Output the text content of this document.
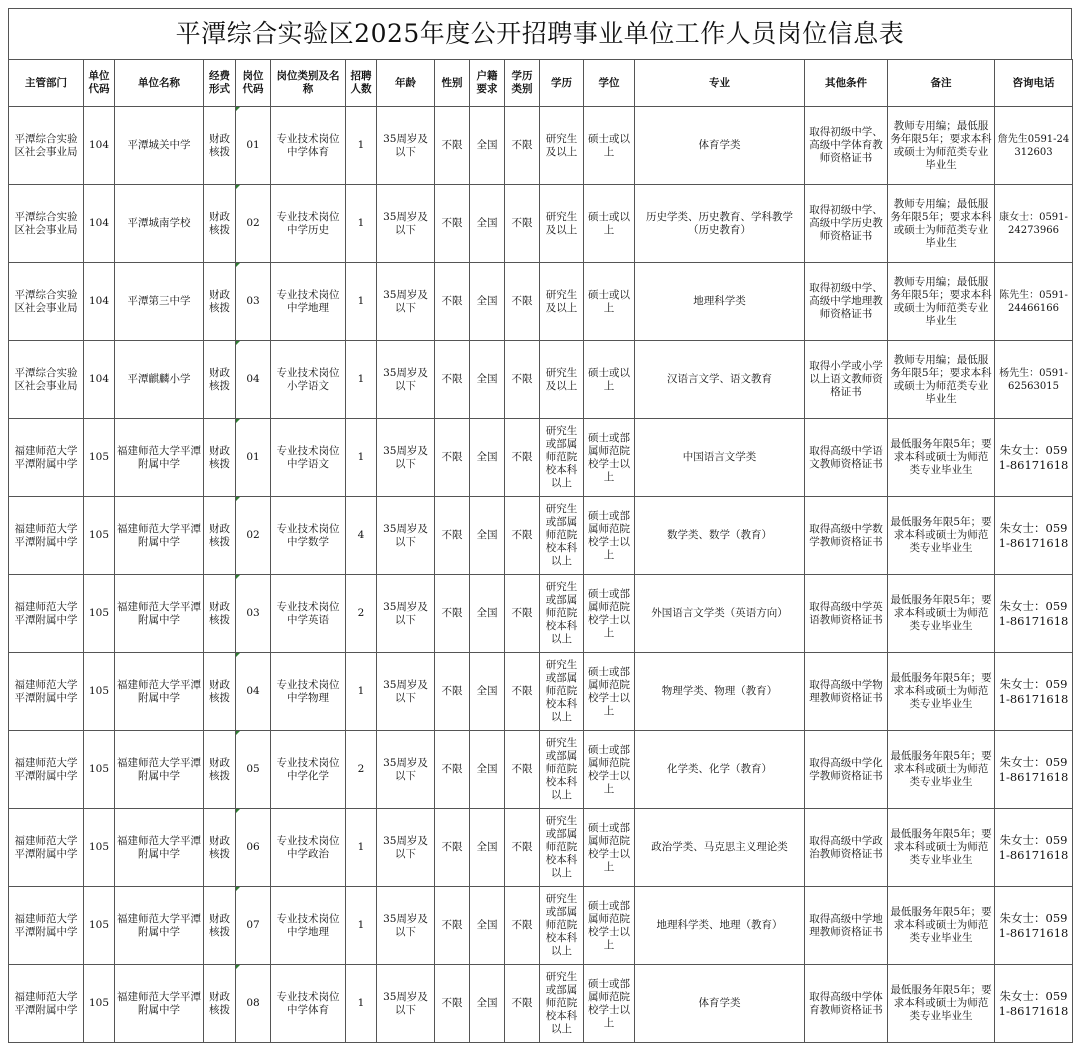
平潭综合实验区2025年度公开招聘事业单位工作人员岗位信息表
主管部门	单位代码	单位名称	经费形式	岗位代码	岗位类别及名称	招聘人数	年龄	性别	户籍要求	学历类别	学历	学位	专业	其他条件	备注	咨询电话
平潭综合实验区社会事业局	104	平潭城关中学	财政核拨	01	专业技术岗位中学体育	1	35周岁及以下	不限	全国	不限	研究生及以上	硕士或以上	体育学类	取得初级中学、高级中学体育教师资格证书	教师专用编；最低服务年限5年；要求本科或硕士为师范类专业毕业生	詹先生0591-24312603
平潭综合实验区社会事业局	104	平潭城南学校	财政核拨	02	专业技术岗位中学历史	1	35周岁及以下	不限	全国	不限	研究生及以上	硕士或以上	历史学类、历史教育、学科教学（历史教育）	取得初级中学、高级中学历史教师资格证书	教师专用编；最低服务年限5年；要求本科或硕士为师范类专业毕业生	康女士：0591-24273966
平潭综合实验区社会事业局	104	平潭第三中学	财政核拨	03	专业技术岗位中学地理	1	35周岁及以下	不限	全国	不限	研究生及以上	硕士或以上	地理科学类	取得初级中学、高级中学地理教师资格证书	教师专用编；最低服务年限5年；要求本科或硕士为师范类专业毕业生	陈先生：0591-24466166
平潭综合实验区社会事业局	104	平潭麒麟小学	财政核拨	04	专业技术岗位小学语文	1	35周岁及以下	不限	全国	不限	研究生及以上	硕士或以上	汉语言文学、语文教育	取得小学或小学以上语文教师资格证书	教师专用编；最低服务年限5年；要求本科或硕士为师范类专业毕业生	杨先生：0591-62563015
福建师范大学平潭附属中学	105	福建师范大学平潭附属中学	财政核拨	01	专业技术岗位中学语文	1	35周岁及以下	不限	全国	不限	研究生或部属师范院校本科以上	硕士或部属师范院校学士以上	中国语言文学类	取得高级中学语文教师资格证书	最低服务年限5年；要求本科或硕士为师范类专业毕业生	朱女士：0591-86171618
福建师范大学平潭附属中学	105	福建师范大学平潭附属中学	财政核拨	02	专业技术岗位中学数学	4	35周岁及以下	不限	全国	不限	研究生或部属师范院校本科以上	硕士或部属师范院校学士以上	数学类、数学（教育）	取得高级中学数学教师资格证书	最低服务年限5年；要求本科或硕士为师范类专业毕业生	朱女士：0591-86171618
福建师范大学平潭附属中学	105	福建师范大学平潭附属中学	财政核拨	03	专业技术岗位中学英语	2	35周岁及以下	不限	全国	不限	研究生或部属师范院校本科以上	硕士或部属师范院校学士以上	外国语言文学类（英语方向）	取得高级中学英语教师资格证书	最低服务年限5年；要求本科或硕士为师范类专业毕业生	朱女士：0591-86171618
福建师范大学平潭附属中学	105	福建师范大学平潭附属中学	财政核拨	04	专业技术岗位中学物理	1	35周岁及以下	不限	全国	不限	研究生或部属师范院校本科以上	硕士或部属师范院校学士以上	物理学类、物理（教育）	取得高级中学物理教师资格证书	最低服务年限5年；要求本科或硕士为师范类专业毕业生	朱女士：0591-86171618
福建师范大学平潭附属中学	105	福建师范大学平潭附属中学	财政核拨	05	专业技术岗位中学化学	2	35周岁及以下	不限	全国	不限	研究生或部属师范院校本科以上	硕士或部属师范院校学士以上	化学类、化学（教育）	取得高级中学化学教师资格证书	最低服务年限5年；要求本科或硕士为师范类专业毕业生	朱女士：0591-86171618
福建师范大学平潭附属中学	105	福建师范大学平潭附属中学	财政核拨	06	专业技术岗位中学政治	1	35周岁及以下	不限	全国	不限	研究生或部属师范院校本科以上	硕士或部属师范院校学士以上	政治学类、马克思主义理论类	取得高级中学政治教师资格证书	最低服务年限5年；要求本科或硕士为师范类专业毕业生	朱女士：0591-86171618
福建师范大学平潭附属中学	105	福建师范大学平潭附属中学	财政核拨	07	专业技术岗位中学地理	1	35周岁及以下	不限	全国	不限	研究生或部属师范院校本科以上	硕士或部属师范院校学士以上	地理科学类、地理（教育）	取得高级中学地理教师资格证书	最低服务年限5年；要求本科或硕士为师范类专业毕业生	朱女士：0591-86171618
福建师范大学平潭附属中学	105	福建师范大学平潭附属中学	财政核拨	08	专业技术岗位中学体育	1	35周岁及以下	不限	全国	不限	研究生或部属师范院校本科以上	硕士或部属师范院校学士以上	体育学类	取得高级中学体育教师资格证书	最低服务年限5年；要求本科或硕士为师范类专业毕业生	朱女士：0591-86171618
